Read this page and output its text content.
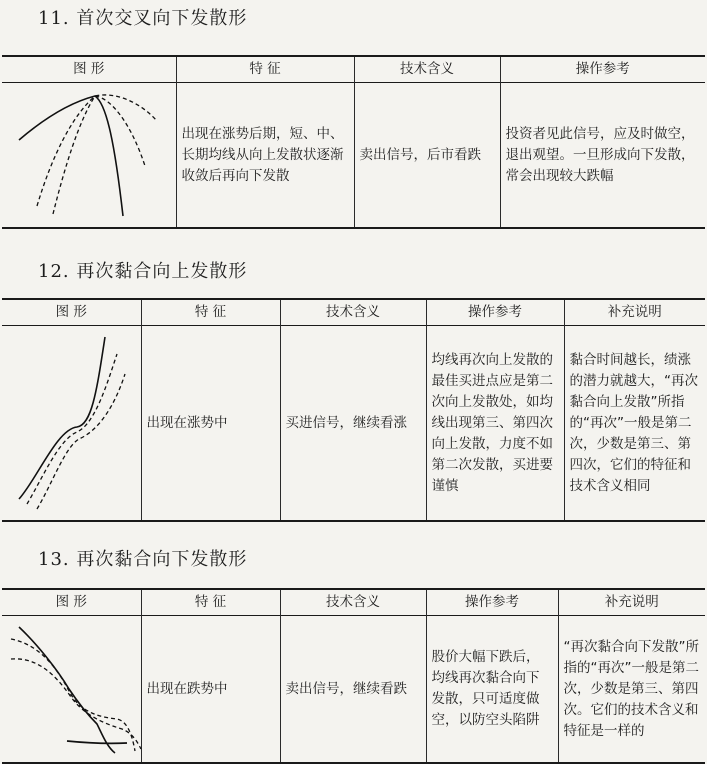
11. 首次交叉向下发散形
图 形	特 征	技术含义	操作参考

	出现在涨势后期，短、中、长期均线从向上发散状逐渐收敛后再向下发散	卖出信号，后市看跌	投资者见此信号，应及时做空，退出观望。一旦形成向下发散，常会出现较大跌幅
12. 再次黏合向上发散形
图 形	特 征	技术含义	操作参考	补充说明

	出现在涨势中	买进信号，继续看涨	均线再次向上发散的最佳买进点应是第二次向上发散处，如均线出现第三、第四次向上发散，力度不如第二次发散，买进要谨慎	黏合时间越长，绩涨的潜力就越大，“再次黏合向上发散”所指的“再次”一般是第二次，少数是第三、第四次，它们的特征和技术含义相同
13. 再次黏合向下发散形
图 形	特 征	技术含义	操作参考	补充说明

	出现在跌势中	卖出信号，继续看跌	股价大幅下跌后，均线再次黏合向下发散，只可适度做空，以防空头陷阱	“再次黏合向下发散”所指的“再次”一般是第二次，少数是第三、第四次。它们的技术含义和特征是一样的
